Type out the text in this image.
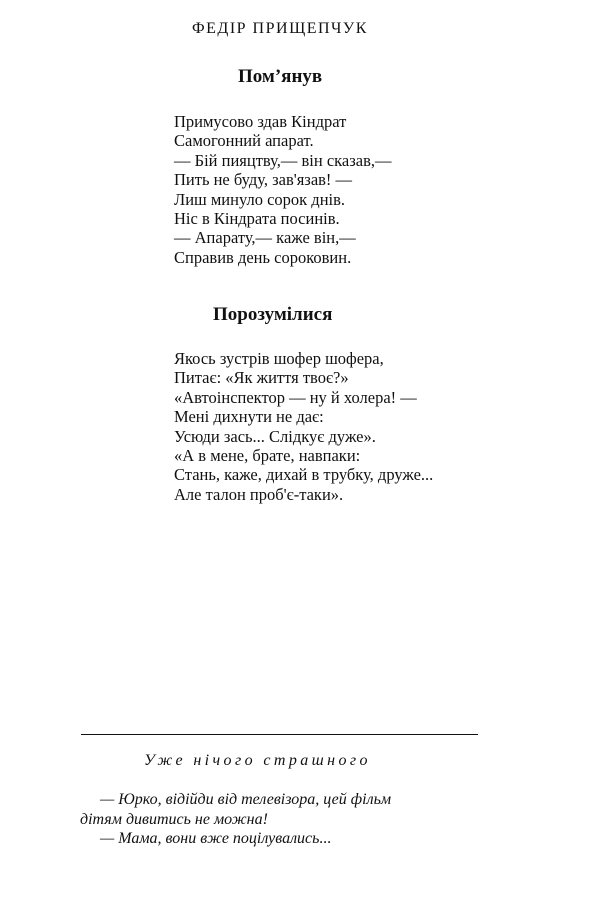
ФЕДІР ПРИЩЕПЧУК
Пом’янув
Примусово здав Кіндрат
Самогонний апарат.
— Бій пияцтву,— він сказав,—
Пить не буду, зав'язав! —
Лиш минуло сорок днів.
Ніс в Кіндрата посинів.
— Апарату,— каже він,—
Справив день сороковин.
Порозумілися
Якось зустрів шофер шофера,
Питає: «Як життя твоє?»
«Автоінспектор — ну й холера! —
Мені дихнути не дає:
Усюди зась... Слідкує дуже».
«А в мене, брате, навпаки:
Стань, каже, дихай в трубку, друже...
Але талон проб'є-таки».
Уже нічого страшного
— Юрко, відійди від телевізора, цей фільм
дітям дивитись не можна!
— Мама, вони вже поцілувались...
